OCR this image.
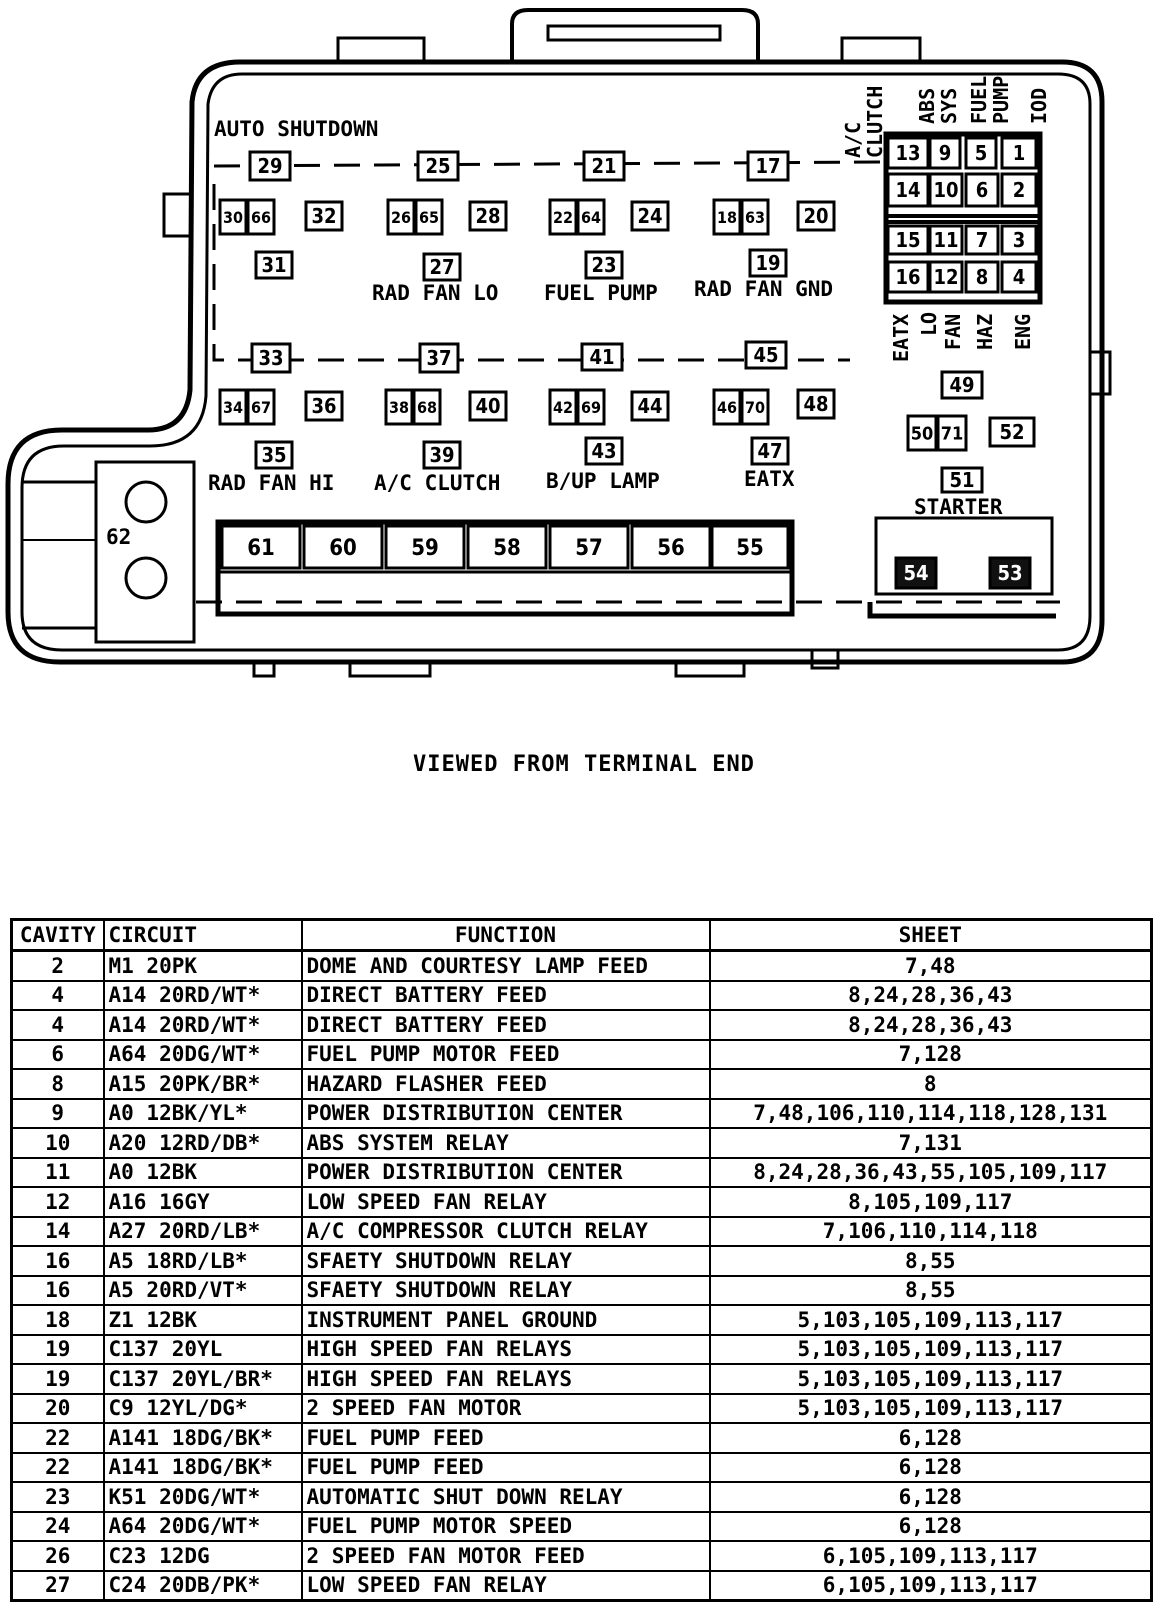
29	25	21	17
30 66 32	26 65 28	22 64 24	18 63 20
31	27	23	19
33	37	41	45
34 67 36	38 68 40	42 69 44	46 70 48
35	39	43	47
13 9 5 1
14 10 6 2
15 11 7 3
16 12 8 4
49
50 71 52
51
54	53
61 60 59 58 57 56 55
AUTO SHUTDOWN
RAD FAN LO FUEL PUMP RAD FAN GND
RAD FAN HI A/C CLUTCH B/UP LAMP	EATX
STARTER
62
A/C
CLUTCH ABS
SYS FUEL
PUMP IOD
EATX LO FAN HAZ ENG
VIEWED FROM TERMINAL END
CAVITY	CIRCUIT	FUNCTION	SHEET
2	M1 20PK	DOME AND COURTESY LAMP FEED	7,48
4	A14 20RD/WT*	DIRECT BATTERY FEED	8,24,28,36,43
4	A14 20RD/WT*	DIRECT BATTERY FEED	8,24,28,36,43
6	A64 20DG/WT*	FUEL PUMP MOTOR FEED	7,128
8	A15 20PK/BR*	HAZARD FLASHER FEED	8
9	A0 12BK/YL*	POWER DISTRIBUTION CENTER	7,48,106,110,114,118,128,131
10	A20 12RD/DB*	ABS SYSTEM RELAY	7,131
11	A0 12BK	POWER DISTRIBUTION CENTER	8,24,28,36,43,55,105,109,117
12	A16 16GY	LOW SPEED FAN RELAY	8,105,109,117
14	A27 20RD/LB*	A/C COMPRESSOR CLUTCH RELAY	7,106,110,114,118
16	A5 18RD/LB*	SFAETY SHUTDOWN RELAY	8,55
16	A5 20RD/VT*	SFAETY SHUTDOWN RELAY	8,55
18	Z1 12BK	INSTRUMENT PANEL GROUND	5,103,105,109,113,117
19	C137 20YL	HIGH SPEED FAN RELAYS	5,103,105,109,113,117
19	C137 20YL/BR*	HIGH SPEED FAN RELAYS	5,103,105,109,113,117
20	C9 12YL/DG*	2 SPEED FAN MOTOR	5,103,105,109,113,117
22	A141 18DG/BK*	FUEL PUMP FEED	6,128
22	A141 18DG/BK*	FUEL PUMP FEED	6,128
23	K51 20DG/WT*	AUTOMATIC SHUT DOWN RELAY	6,128
24	A64 20DG/WT*	FUEL PUMP MOTOR SPEED	6,128
26	C23 12DG	2 SPEED FAN MOTOR FEED	6,105,109,113,117
27	C24 20DB/PK*	LOW SPEED FAN RELAY	6,105,109,113,117
